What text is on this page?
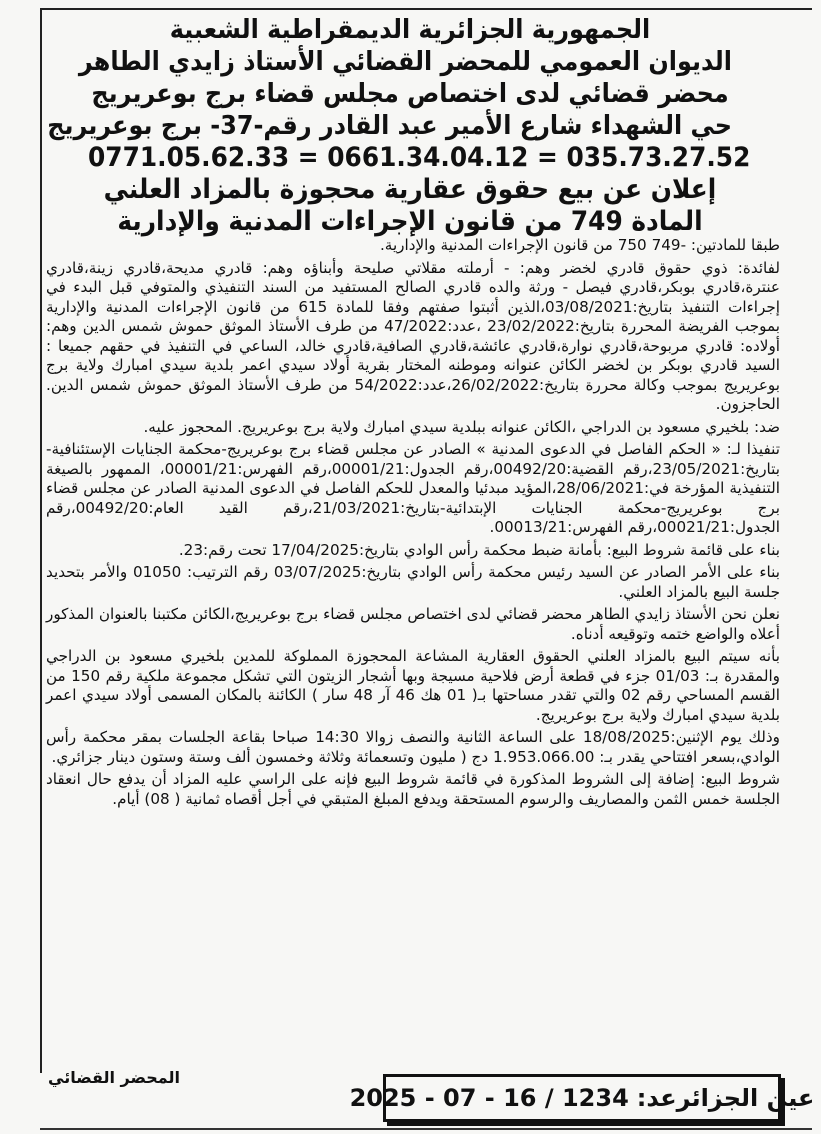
الجمهورية الجزائرية الديمقراطية الشعبية
الديوان العمومي للمحضر القضائي الأستاذ زايدي الطاهر
محضر قضائي لدى اختصاص مجلس قضاء برج بوعريريج
حي الشهداء شارع الأمير عبد القادر رقم-37- برج بوعريريج
0771.05.62.33 = 0661.34.04.12 = 035.73.27.52
إعلان عن بيع حقوق عقارية محجوزة بالمزاد العلني
المادة 749 من قانون الإجراءات المدنية والإدارية

طبقا للمادتين: -749 750 من قانون الإجراءات المدنية والإدارية.

لفائدة: ذوي حقوق قادري لخضر وهم: - أرملته مقلاتي صليحة وأبناؤه وهم: قادري مديحة،قادري زينة،قادري عنترة،قادري بوبكر،قادري فيصل - ورثة والده قادري الصالح المستفيد من السند التنفيذي والمتوفي قبل البدء في إجراءات التنفيذ بتاريخ:03/08/2021،الذين أثبتوا صفتهم وفقا للمادة 615 من قانون الإجراءات المدنية والإدارية بموجب الفريضة المحررة بتاريخ:23/02/2022 ،عدد:47/2022 من طرف الأستاذ الموثق حموش شمس الدين وهم: أولاده: قادري مربوحة،قادري نوارة،قادري عائشة،قادري الصافية،قادري خالد، الساعي في التنفيذ في حقهم جميعا : السيد قادري بوبكر بن لخضر الكائن عنوانه وموطنه المختار بقرية أولاد سيدي اعمر بلدية سيدي امبارك ولاية برج بوعريريج بموجب وكالة محررة بتاريخ:26/02/2022،عدد:54/2022 من طرف الأستاذ الموثق حموش شمس الدين. الحاجزون.

ضد: بلخيري مسعود بن الدراجي ،الكائن عنوانه ببلدية سيدي امبارك ولاية برج بوعريريج. المحجوز عليه.

تنفيذا لـ: « الحكم الفاصل في الدعوى المدنية » الصادر عن مجلس قضاء برج بوعريريج-محكمة الجنايات الإستئنافية-بتاريخ:23/05/2021،رقم القضية:00492/20،رقم الجدول:00001/21،رقم الفهرس:00001/21، الممهور بالصيغة التنفيذية المؤرخة في:28/06/2021،المؤيد مبدئيا والمعدل للحكم الفاصل في الدعوى المدنية الصادر عن مجلس قضاء برج بوعريريج-محكمة الجنايات الإبتدائية-بتاريخ:21/03/2021،رقم القيد العام:00492/20،رقم الجدول:00021/21،رقم الفهرس:00013/21.

بناء على قائمة شروط البيع: بأمانة ضبط محكمة رأس الوادي بتاريخ:17/04/2025 تحت رقم:23.

بناء على الأمر الصادر عن السيد رئيس محكمة رأس الوادي بتاريخ:03/07/2025 رقم الترتيب: 01050 والأمر بتحديد جلسة البيع بالمزاد العلني.

نعلن نحن الأستاذ زايدي الطاهر محضر قضائي لدى اختصاص مجلس قضاء برج بوعريريج،الكائن مكتبنا بالعنوان المذكور أعلاه والواضع ختمه وتوقيعه أدناه.

بأنه سيتم البيع بالمزاد العلني الحقوق العقارية المشاعة المحجوزة المملوكة للمدين بلخيري مسعود بن الدراجي والمقدرة بـ: 01/03 جزء في قطعة أرض فلاحية مسيجة وبها أشجار الزيتون التي تشكل مجموعة ملكية رقم 150 من القسم المساحي رقم 02 والتي تقدر مساحتها بـ( 01 هك 46 آر 48 سار ) الكائنة بالمكان المسمى أولاد سيدي اعمر بلدية سيدي امبارك ولاية برج بوعريريج.

وذلك يوم الإثنين:18/08/2025 على الساعة الثانية والنصف زوالا 14:30 صباحا بقاعة الجلسات بمقر محكمة رأس الوادي،بسعر افتتاحي يقدر بـ: 1.953.066.00 دج ( مليون وتسعمائة وثلاثة وخمسون ألف وستة وستون دينار جزائري.

شروط البيع: إضافة إلى الشروط المذكورة في قائمة شروط البيع فإنه على الراسي عليه المزاد أن يدفع حال انعقاد الجلسة خمس الثمن والمصاريف والرسوم المستحقة ويدفع المبلغ المتبقي في أجل أقصاه ثمانية ( 08) أيام.

المحضر القضائي
عين الجزائرعد:
2025 - 07 - 16 / 1234
